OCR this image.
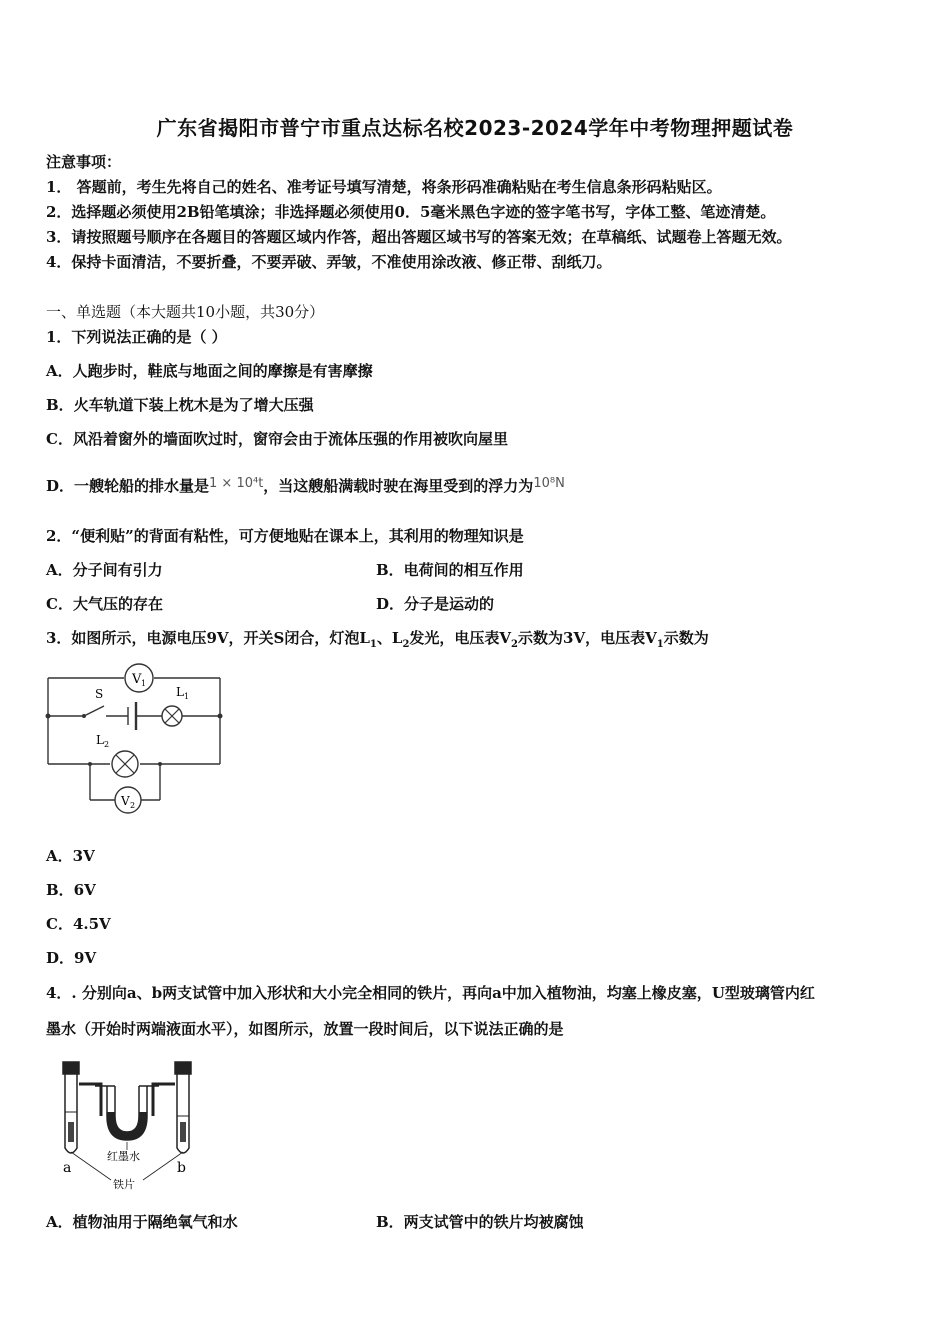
广东省揭阳市普宁市重点达标名校2023-2024学年中考物理押题试卷
注意事项：
1． 答题前，考生先将自己的姓名、准考证号填写清楚，将条形码准确粘贴在考生信息条形码粘贴区。
2．选择题必须使用2B铅笔填涂；非选择题必须使用0．5毫米黑色字迹的签字笔书写，字体工整、笔迹清楚。
3．请按照题号顺序在各题目的答题区域内作答，超出答题区域书写的答案无效；在草稿纸、试题卷上答题无效。
4．保持卡面清洁，不要折叠，不要弄破、弄皱，不准使用涂改液、修正带、刮纸刀。
一、单选题（本大题共10小题，共30分）
1．下列说法正确的是（ ）
A．人跑步时，鞋底与地面之间的摩擦是有害摩擦
B．火车轨道下装上枕木是为了增大压强
C．风沿着窗外的墙面吹过时，窗帘会由于流体压强的作用被吹向屋里
D．一艘轮船的排水量是1 × 10⁴t，当这艘船满载时驶在海里受到的浮力为10⁸N
2．“便利贴”的背面有粘性，可方便地贴在课本上，其利用的物理知识是
A．分子间有引力	B．电荷间的相互作用
C．大气压的存在	D．分子是运动的
3．如图所示，电源电压9V，开关S闭合，灯泡$L_1$、$L_2$发光，电压表$V_2$示数为3V，电压表$V_1$示数为
V 1
V 2
S	L 1
L 2
A．3V
B．6V
C．4.5V
D．9V
4．. 分别向a、b两支试管中加入形状和大小完全相同的铁片，再向a中加入植物油，均塞上橡皮塞，U型玻璃管内红
墨水（开始时两端液面水平），如图所示，放置一段时间后，以下说法正确的是
a	b
红墨水
铁片
A．植物油用于隔绝氧气和水	B．两支试管中的铁片均被腐蚀
